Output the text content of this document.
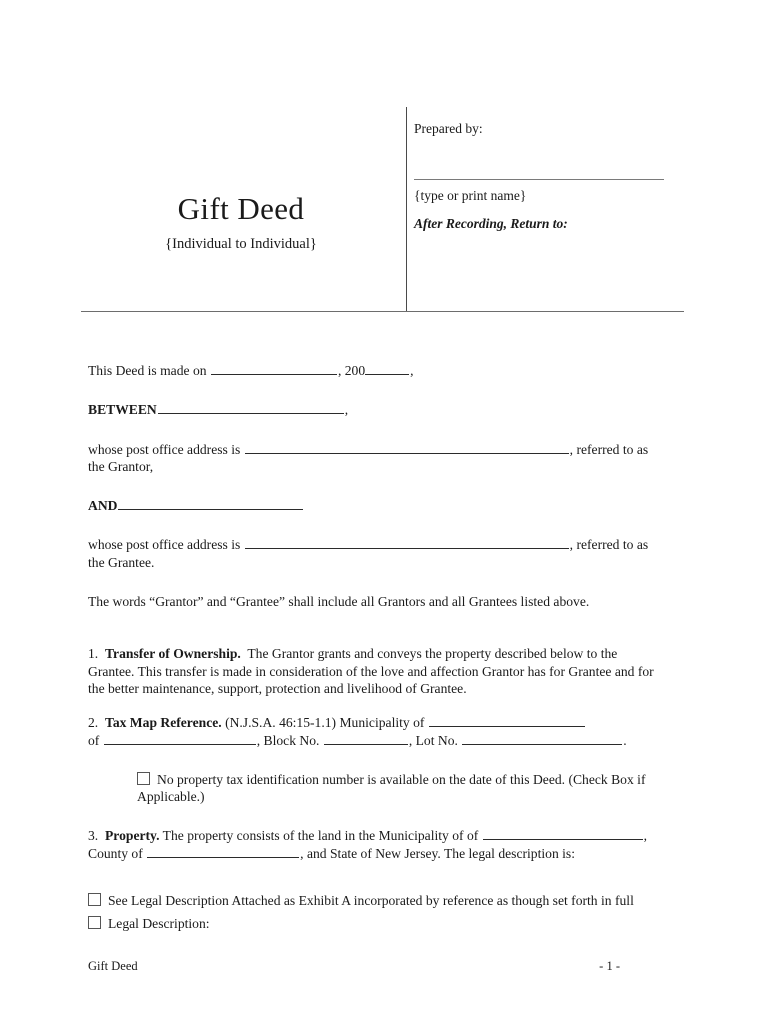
Gift Deed
{Individual to Individual}
Prepared by:
{type or print name}
After Recording, Return to:

This Deed is made on	, 200	,

BETWEEN	,

whose post office address is	, referred to as

the Grantor,

AND

whose post office address is	, referred to as

the Grantee.

The words “Grantor” and “Grantee” shall include all Grantors and all Grantees listed above.

1. Transfer of Ownership. The Grantor grants and conveys the property described below to the Grantee. This transfer is made in consideration of the love and affection Grantor has for Grantee and for the better maintenance, support, protection and livelihood of Grantee.

2. Tax Map Reference. (N.J.S.A. 46:15-1.1) Municipality of
of	, Block No.	, Lot No.	.

No property tax identification number is available on the date of this Deed. (Check Box if Applicable.)

3. Property. The property consists of the land in the Municipality of of	,
County of	, and State of New Jersey. The legal description is:

See Legal Description Attached as Exhibit A incorporated by reference as though set forth in full

Legal Description:

Gift Deed	- 1 -
